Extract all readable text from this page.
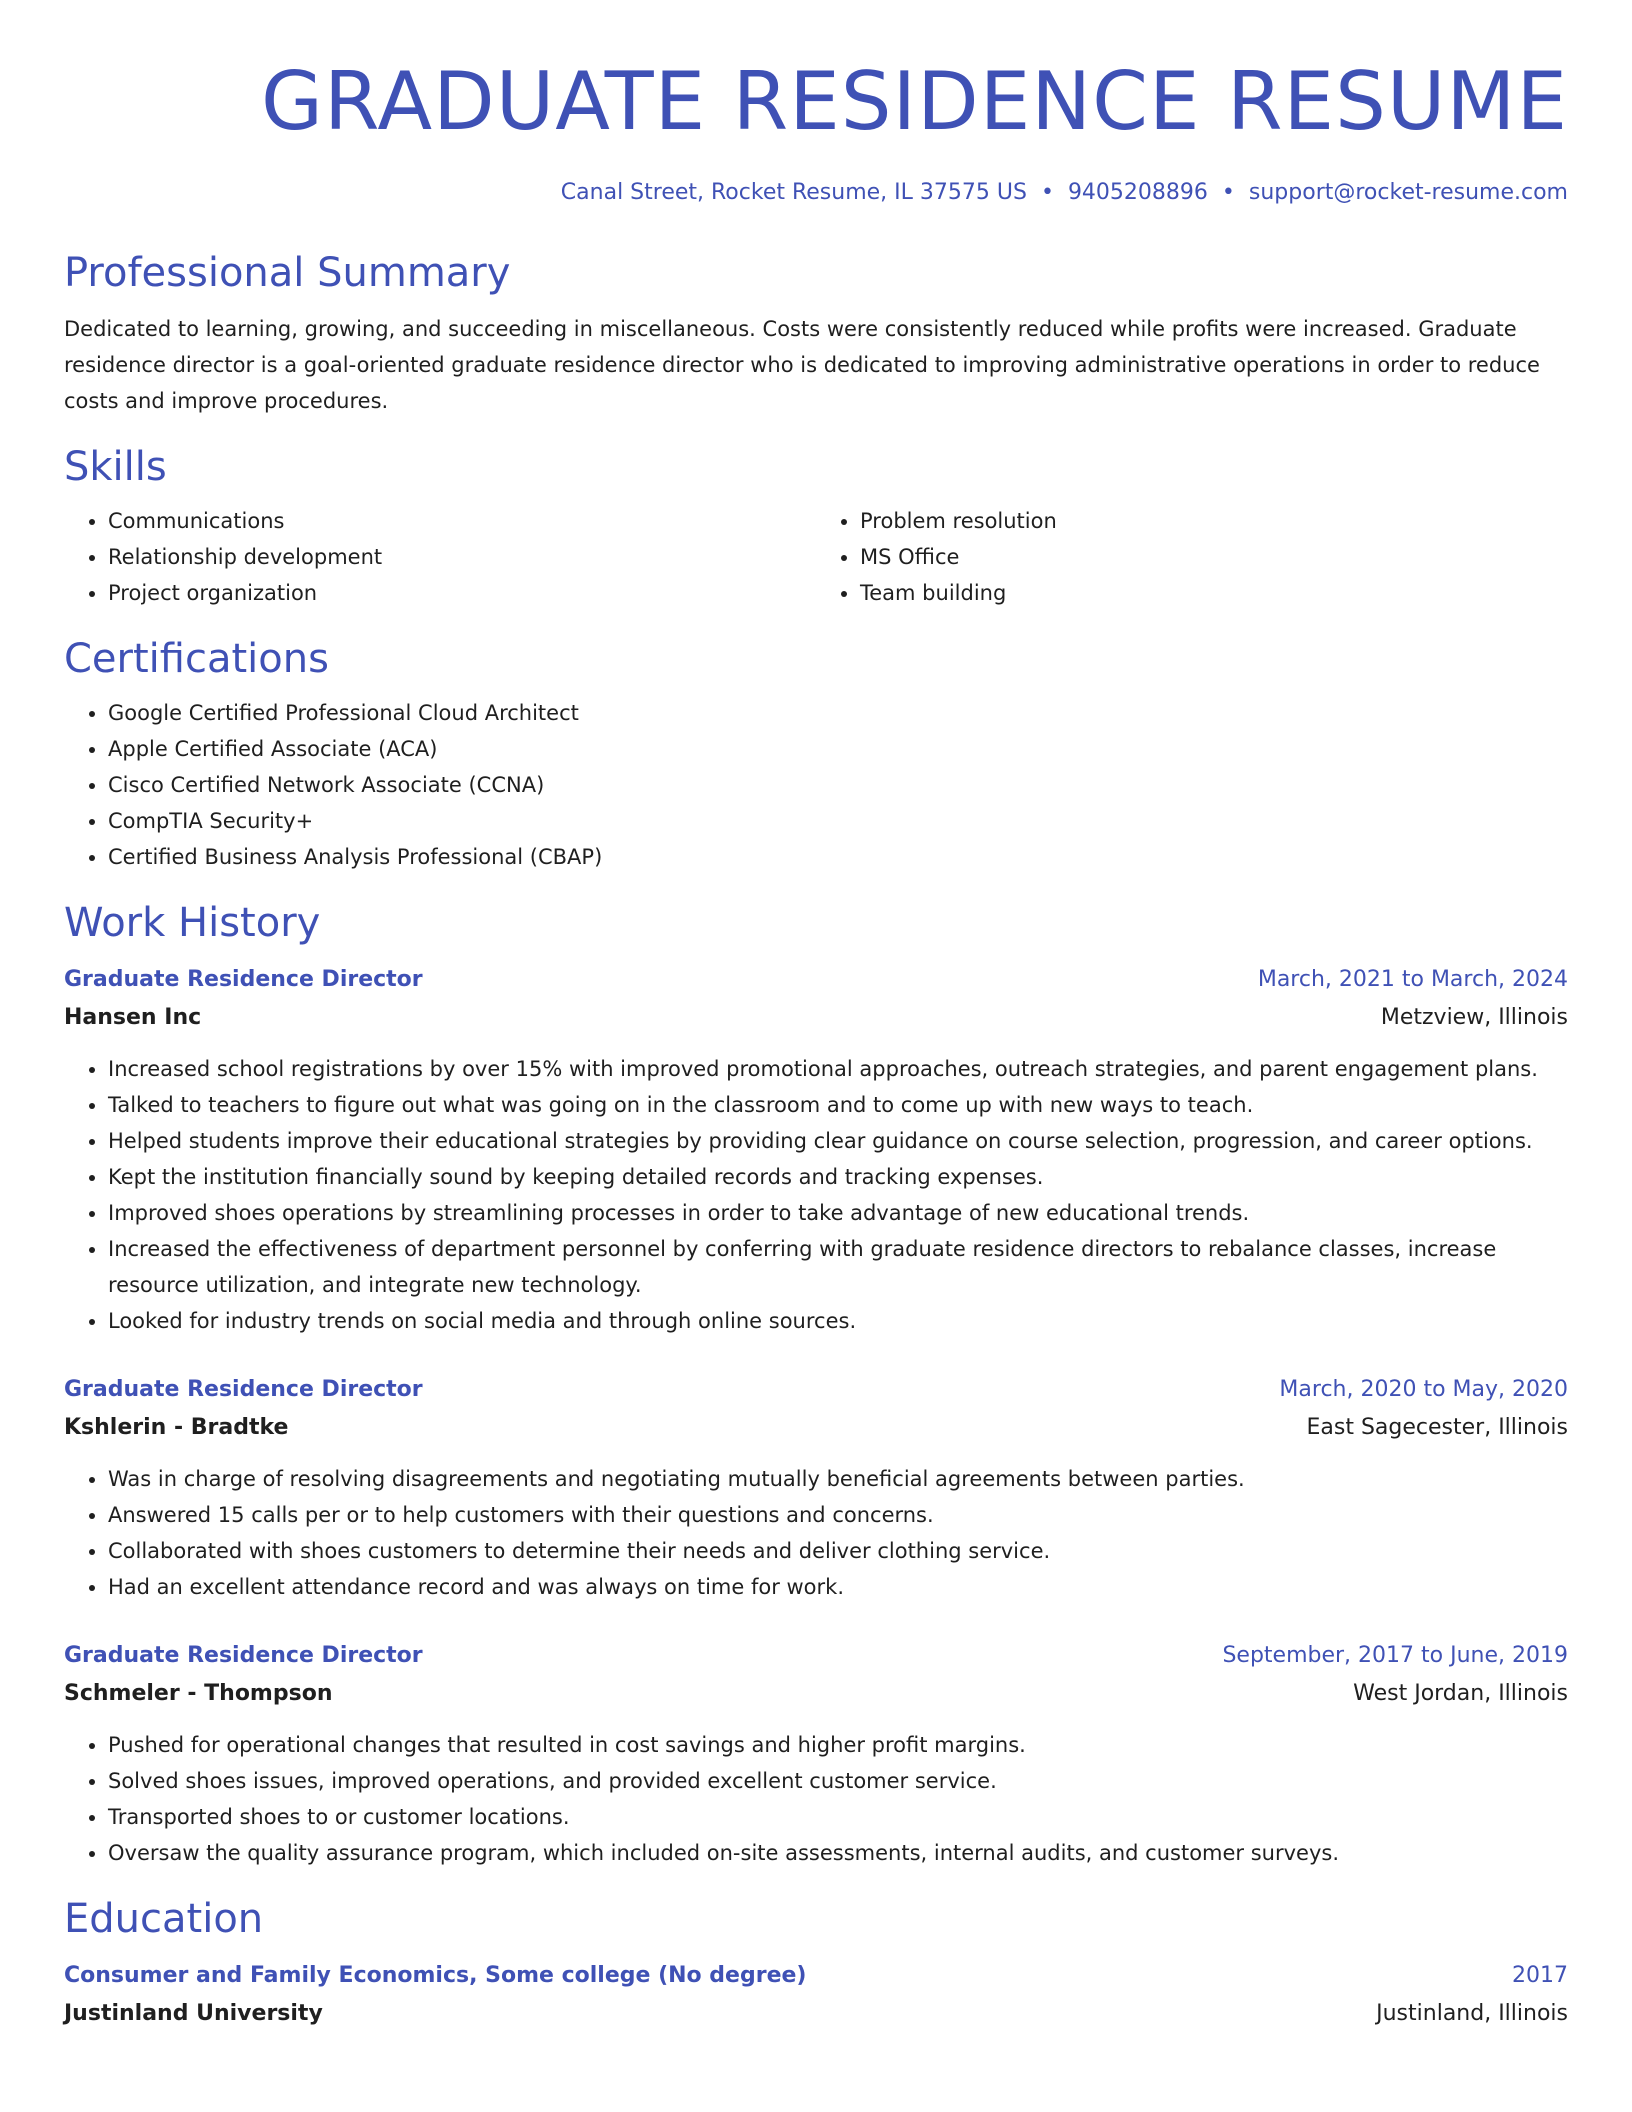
GRADUATE RESIDENCE RESUME
Canal Street, Rocket Resume, IL 37575 US • 9405208896 • support@rocket-resume.com
Professional Summary

Dedicated to learning, growing, and succeeding in miscellaneous. Costs were consistently reduced while profits were increased. Graduate residence director is a goal-oriented graduate residence director who is dedicated to improving administrative operations in order to reduce costs and improve procedures.

Skills
• Communications
• Relationship development
• Project organization
• Problem resolution
• MS Office
• Team building
Certifications
• Google Certified Professional Cloud Architect
• Apple Certified Associate (ACA)
• Cisco Certified Network Associate (CCNA)
• CompTIA Security+
• Certified Business Analysis Professional (CBAP)
Work History
Graduate Residence Director	March, 2021 to March, 2024
Hansen Inc	Metzview, Illinois
• Increased school registrations by over 15% with improved promotional approaches, outreach strategies, and parent engagement plans.
• Talked to teachers to figure out what was going on in the classroom and to come up with new ways to teach.
• Helped students improve their educational strategies by providing clear guidance on course selection, progression, and career options.
• Kept the institution financially sound by keeping detailed records and tracking expenses.
• Improved shoes operations by streamlining processes in order to take advantage of new educational trends.
• Increased the effectiveness of department personnel by conferring with graduate residence directors to rebalance classes, increase resource utilization, and integrate new technology.
• Looked for industry trends on social media and through online sources.
Graduate Residence Director	March, 2020 to May, 2020
Kshlerin - Bradtke	East Sagecester, Illinois
• Was in charge of resolving disagreements and negotiating mutually beneficial agreements between parties.
• Answered 15 calls per or to help customers with their questions and concerns.
• Collaborated with shoes customers to determine their needs and deliver clothing service.
• Had an excellent attendance record and was always on time for work.
Graduate Residence Director	September, 2017 to June, 2019
Schmeler - Thompson	West Jordan, Illinois
• Pushed for operational changes that resulted in cost savings and higher profit margins.
• Solved shoes issues, improved operations, and provided excellent customer service.
• Transported shoes to or customer locations.
• Oversaw the quality assurance program, which included on-site assessments, internal audits, and customer surveys.
Education
Consumer and Family Economics, Some college (No degree)	2017
Justinland University	Justinland, Illinois
